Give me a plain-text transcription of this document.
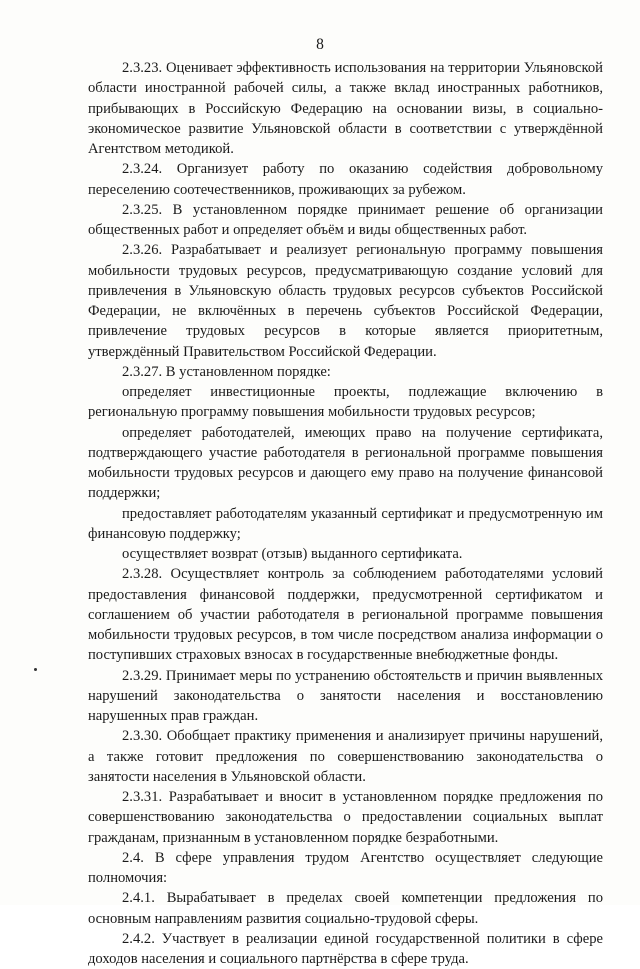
8

2.3.23. Оценивает эффективность использования на территории Ульяновской области иностранной рабочей силы, а также вклад иностранных работников, прибывающих в Российскую Федерацию на основании визы, в социально-экономическое развитие Ульяновской области в соответствии с утверждённой Агентством методикой.

2.3.24. Организует работу по оказанию содействия добровольному переселению соотечественников, проживающих за рубежом.

2.3.25. В установленном порядке принимает решение об организации общественных работ и определяет объём и виды общественных работ.

2.3.26. Разрабатывает и реализует региональную программу повышения мобильности трудовых ресурсов, предусматривающую создание условий для привлечения в Ульяновскую область трудовых ресурсов субъектов Российской Федерации, не включённых в перечень субъектов Российской Федерации, привлечение трудовых ресурсов в которые является приоритетным, утверждённый Правительством Российской Федерации.

2.3.27. В установленном порядке:

определяет инвестиционные проекты, подлежащие включению в региональную программу повышения мобильности трудовых ресурсов;

определяет работодателей, имеющих право на получение сертификата, подтверждающего участие работодателя в региональной программе повышения мобильности трудовых ресурсов и дающего ему право на получение финансовой поддержки;

предоставляет работодателям указанный сертификат и предусмотренную им финансовую поддержку;

осуществляет возврат (отзыв) выданного сертификата.

2.3.28. Осуществляет контроль за соблюдением работодателями условий предоставления финансовой поддержки, предусмотренной сертификатом и соглашением об участии работодателя в региональной программе повышения мобильности трудовых ресурсов, в том числе посредством анализа информации о поступивших страховых взносах в государственные внебюджетные фонды.

2.3.29. Принимает меры по устранению обстоятельств и причин выявленных нарушений законодательства о занятости населения и восстановлению нарушенных прав граждан.

2.3.30. Обобщает практику применения и анализирует причины нарушений, а также готовит предложения по совершенствованию законодательства о занятости населения в Ульяновской области.

2.3.31. Разрабатывает и вносит в установленном порядке предложения по совершенствованию законодательства о предоставлении социальных выплат гражданам, признанным в установленном порядке безработными.

2.4. В сфере управления трудом Агентство осуществляет следующие полномочия:

2.4.1. Вырабатывает в пределах своей компетенции предложения по основным направлениям развития социально-трудовой сферы.

2.4.2. Участвует в реализации единой государственной политики в сфере доходов населения и социального партнёрства в сфере труда.
